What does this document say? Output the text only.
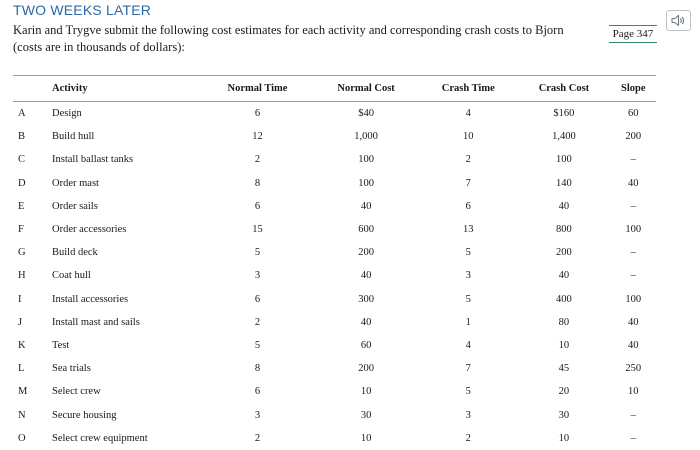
TWO WEEKS LATER
Karin and Trygve submit the following cost estimates for each activity and corresponding crash costs to Bjorn (costs are in thousands of dollars):
Page 347
	Activity	Normal Time	Normal Cost	Crash Time	Crash Cost	Slope
A	Design	6	$40	4	$160	60
B	Build hull	12	1,000	10	1,400	200
C	Install ballast tanks	2	100	2	100	–
D	Order mast	8	100	7	140	40
E	Order sails	6	40	6	40	–
F	Order accessories	15	600	13	800	100
G	Build deck	5	200	5	200	–
H	Coat hull	3	40	3	40	–
I	Install accessories	6	300	5	400	100
J	Install mast and sails	2	40	1	80	40
K	Test	5	60	4	10	40
L	Sea trials	8	200	7	45	250
M	Select crew	6	10	5	20	10
N	Secure housing	3	30	3	30	–
O	Select crew equipment	2	10	2	10	–
